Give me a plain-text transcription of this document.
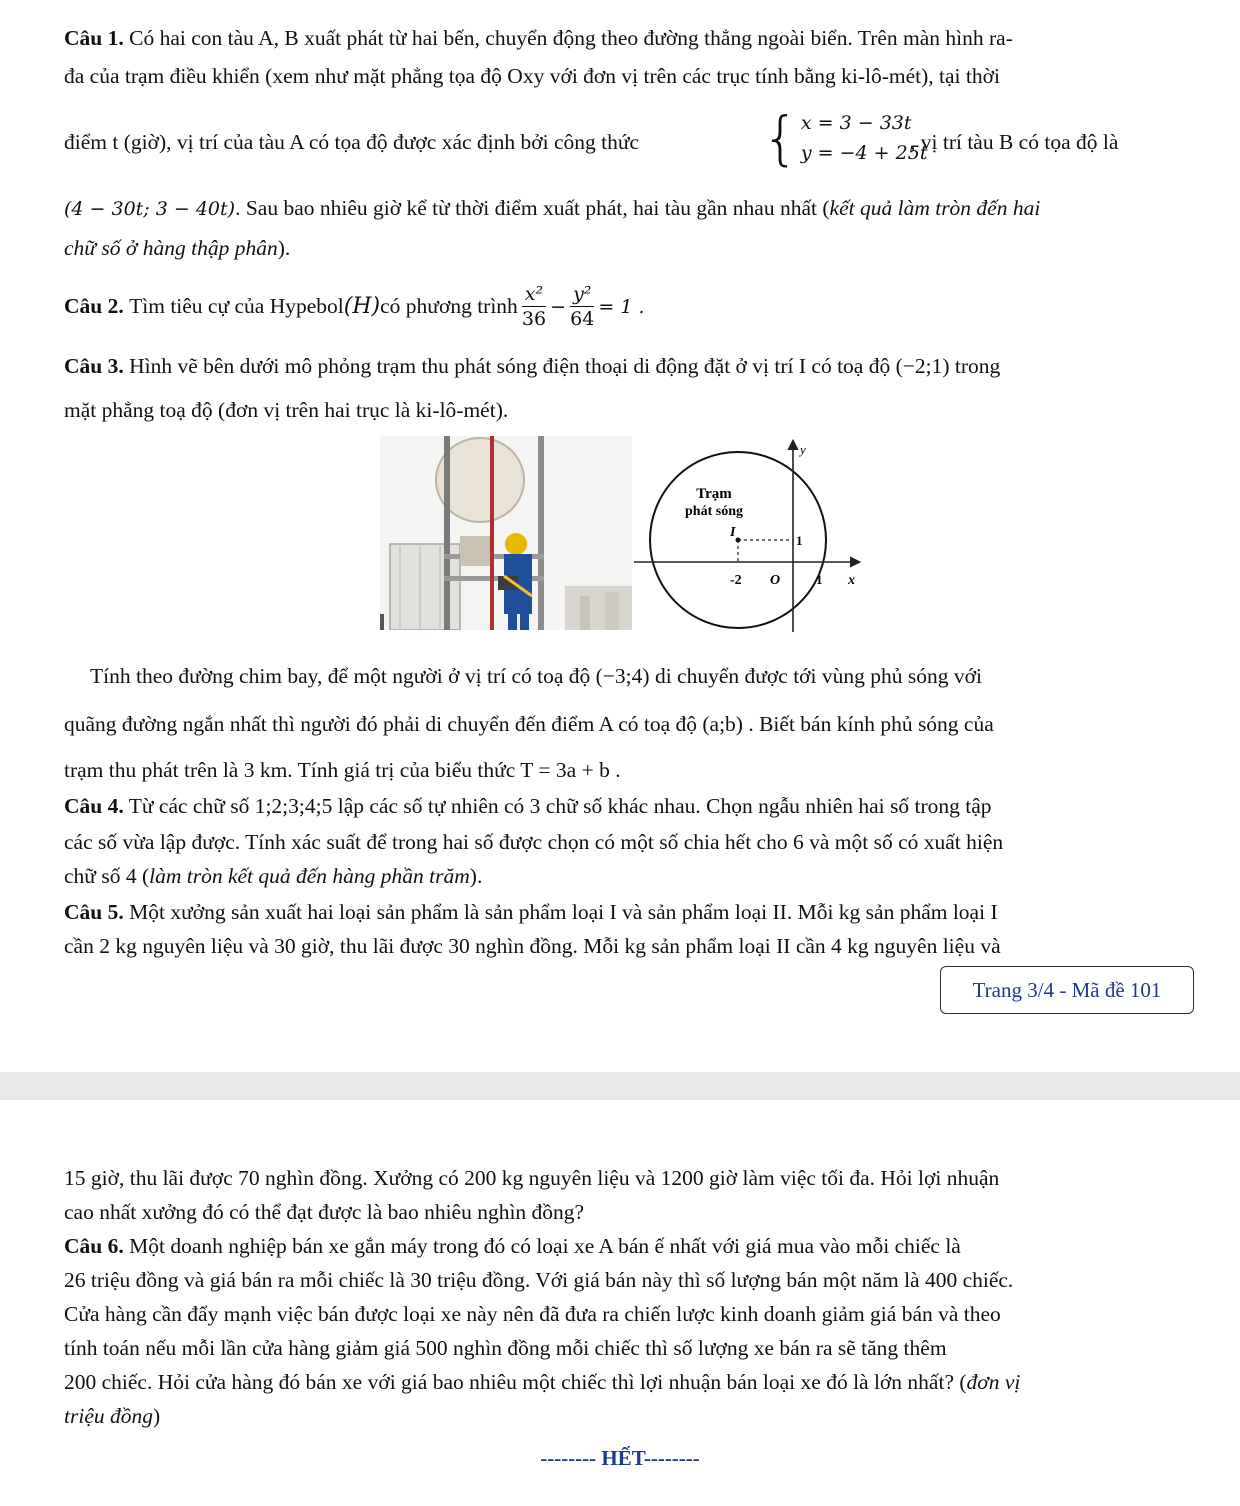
Câu 1. Có hai con tàu A, B xuất phát từ hai bến, chuyển động theo đường thẳng ngoài biển. Trên màn hình ra-
đa của trạm điều khiển (xem như mặt phẳng tọa độ Oxy với đơn vị trên các trục tính bằng ki-lô-mét), tại thời
điểm t (giờ), vị trí của tàu A có tọa độ được xác định bởi công thức { x = 3 − 33t
y = −4 + 25t
, vị trí tàu B có tọa độ là
(4 − 30t; 3 − 40t). Sau bao nhiêu giờ kể từ thời điểm xuất phát, hai tàu gần nhau nhất (kết quả làm tròn đến hai
chữ số ở hàng thập phân).
Câu 2.
Tìm tiêu cự của Hypebol (H) có phương trình $\frac{\text{x²}}{36} - \frac{\text{y²}}{64} = 1$ .
Câu 3. Hình vẽ bên dưới mô phỏng trạm thu phát sóng điện thoại di động đặt ở vị trí I có toạ độ (−2;1) trong
mặt phẳng toạ độ (đơn vị trên hai trục là ki-lô-mét).
Trạm
phát sóng
I
y
x
O
-2	1
1
Tính theo đường chim bay, để một người ở vị trí có toạ độ (−3;4) di chuyển được tới vùng phủ sóng với
quãng đường ngắn nhất thì người đó phải di chuyển đến điểm A có toạ độ (a;b) . Biết bán kính phủ sóng của
trạm thu phát trên là 3 km. Tính giá trị của biểu thức T = 3a + b .
Câu 4. Từ các chữ số 1;2;3;4;5 lập các số tự nhiên có 3 chữ số khác nhau. Chọn ngẫu nhiên hai số trong tập
các số vừa lập được. Tính xác suất để trong hai số được chọn có một số chia hết cho 6 và một số có xuất hiện
chữ số 4 (làm tròn kết quả đến hàng phần trăm).
Câu 5. Một xưởng sản xuất hai loại sản phẩm là sản phẩm loại I và sản phẩm loại II. Mỗi kg sản phẩm loại I
cần 2 kg nguyên liệu và 30 giờ, thu lãi được 30 nghìn đồng. Mỗi kg sản phẩm loại II cần 4 kg nguyên liệu và
Trang 3/4 - Mã đề 101
15 giờ, thu lãi được 70 nghìn đồng. Xưởng có 200 kg nguyên liệu và 1200 giờ làm việc tối đa. Hỏi lợi nhuận
cao nhất xưởng đó có thể đạt được là bao nhiêu nghìn đồng?
Câu 6. Một doanh nghiệp bán xe gắn máy trong đó có loại xe A bán ế nhất với giá mua vào mỗi chiếc là
26 triệu đồng và giá bán ra mỗi chiếc là 30 triệu đồng. Với giá bán này thì số lượng bán một năm là 400 chiếc.
Cửa hàng cần đẩy mạnh việc bán được loại xe này nên đã đưa ra chiến lược kinh doanh giảm giá bán và theo
tính toán nếu mỗi lần cửa hàng giảm giá 500 nghìn đồng mỗi chiếc thì số lượng xe bán ra sẽ tăng thêm
200 chiếc. Hỏi cửa hàng đó bán xe với giá bao nhiêu một chiếc thì lợi nhuận bán loại xe đó là lớn nhất? (đơn vị
triệu đồng)
-------- HẾT--------
